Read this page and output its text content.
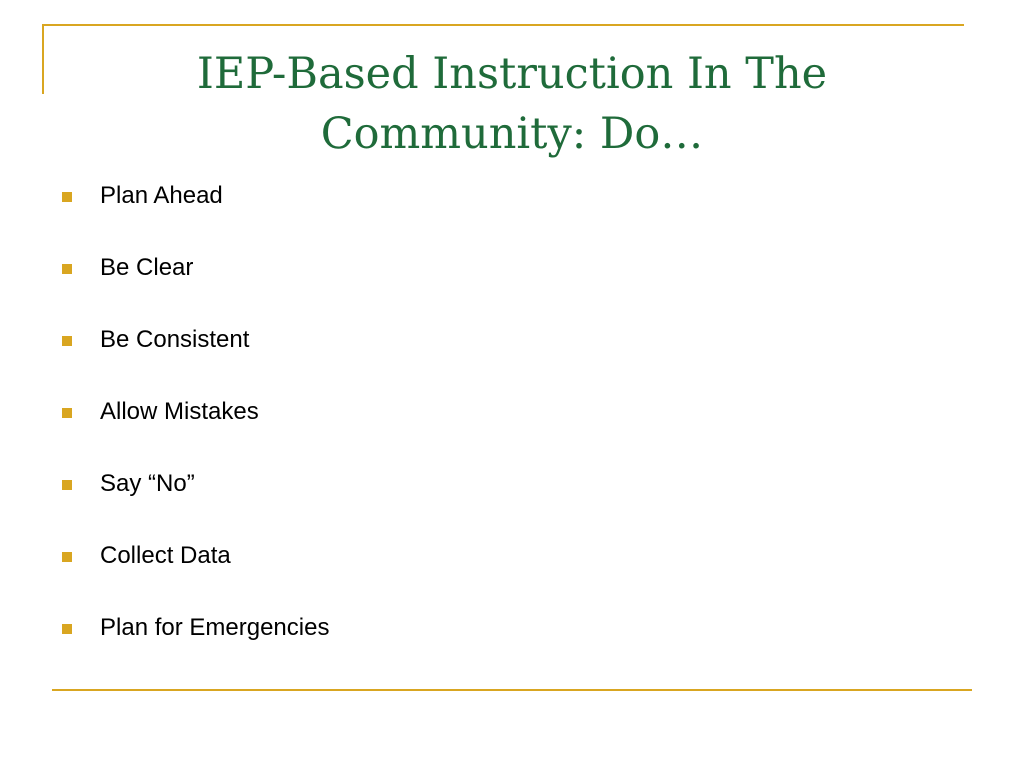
IEP-Based Instruction In The
Community: Do…
Plan Ahead
Be Clear
Be Consistent
Allow Mistakes
Say “No”
Collect Data
Plan for Emergencies
